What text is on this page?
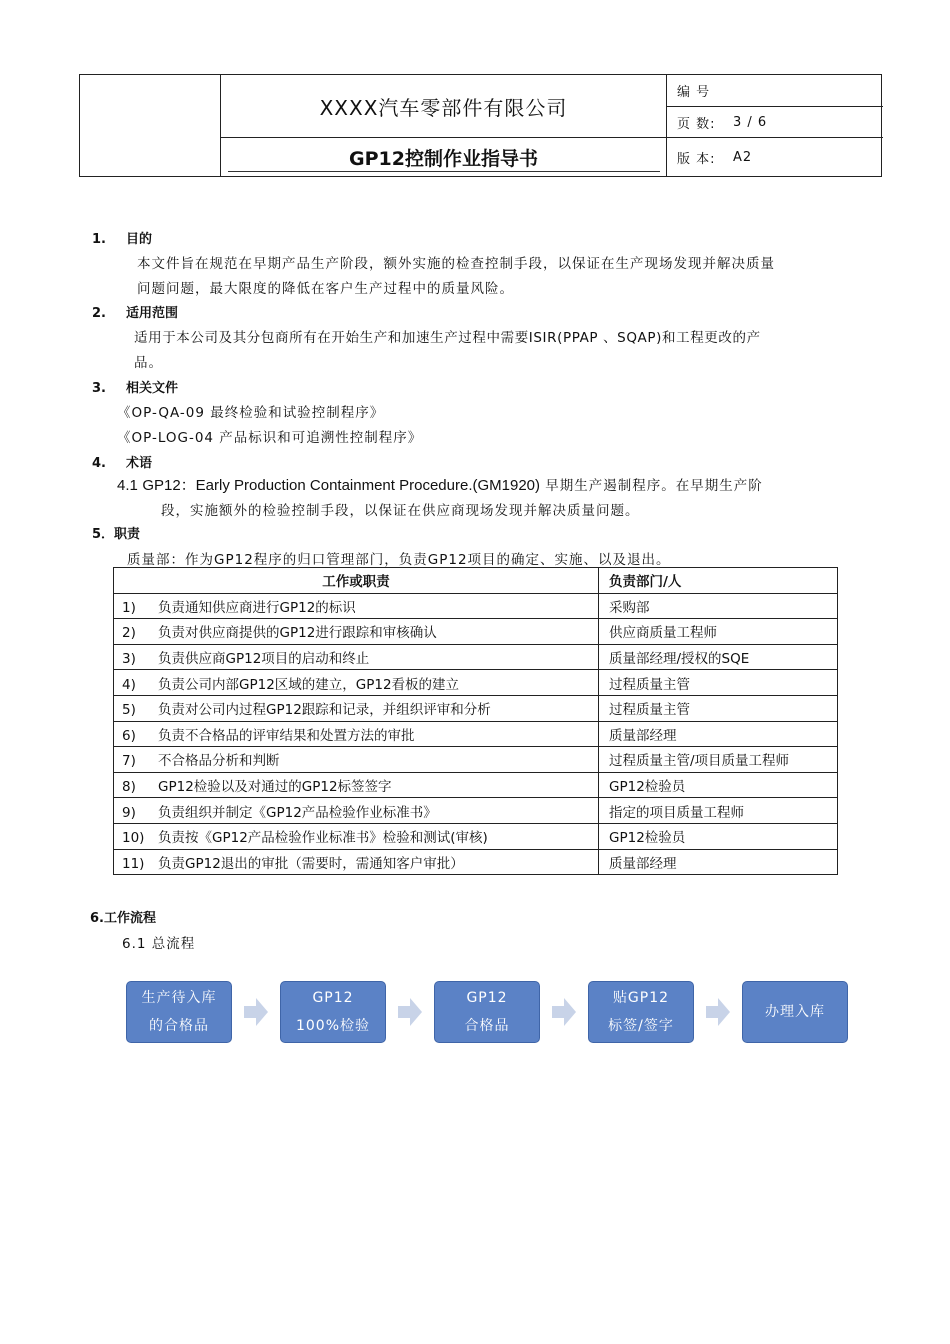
XXXX汽车零部件有限公司
GP12控制作业指导书
编 号
页 数:	3 / 6
版 本:	A2
1. 目的
本文件旨在规范在早期产品生产阶段，额外实施的检查控制手段，以保证在生产现场发现并解决质量
问题问题，最大限度的降低在客户生产过程中的质量风险。
2. 适用范围
适用于本公司及其分包商所有在开始生产和加速生产过程中需要ISIR(PPAP 、SQAP)和工程更改的产
品。
3. 相关文件
《OP-QA-09 最终检验和试验控制程序》
《OP-LOG-04 产品标识和可追溯性控制程序》
4. 术语
4.1 GP12：Early Production Containment Procedure.(GM1920) 早期生产遏制程序。在早期生产阶
段，实施额外的检验控制手段，以保证在供应商现场发现并解决质量问题。
5．职责
质量部：作为GP12程序的归口管理部门，负责GP12项目的确定、实施、以及退出。
工作或职责	负责部门/人
1) 负责通知供应商进行GP12的标识	采购部
2) 负责对供应商提供的GP12进行跟踪和审核确认	供应商质量工程师
3) 负责供应商GP12项目的启动和终止	质量部经理/授权的SQE
4) 负责公司内部GP12区域的建立，GP12看板的建立	过程质量主管
5) 负责对公司内过程GP12跟踪和记录，并组织评审和分析	过程质量主管
6) 负责不合格品的评审结果和处置方法的审批	质量部经理
7) 不合格品分析和判断	过程质量主管/项目质量工程师
8) GP12检验以及对通过的GP12标签签字	GP12检验员
9) 负责组织并制定《GP12产品检验作业标准书》	指定的项目质量工程师
10) 负责按《GP12产品检验作业标准书》检验和测试(审核)	GP12检验员
11) 负责GP12退出的审批（需要时，需通知客户审批）	质量部经理
6.工作流程
6.1 总流程
生产待入库
的合格品
GP12
100%检验
GP12
合格品
贴GP12
标签/签字
办理入库
